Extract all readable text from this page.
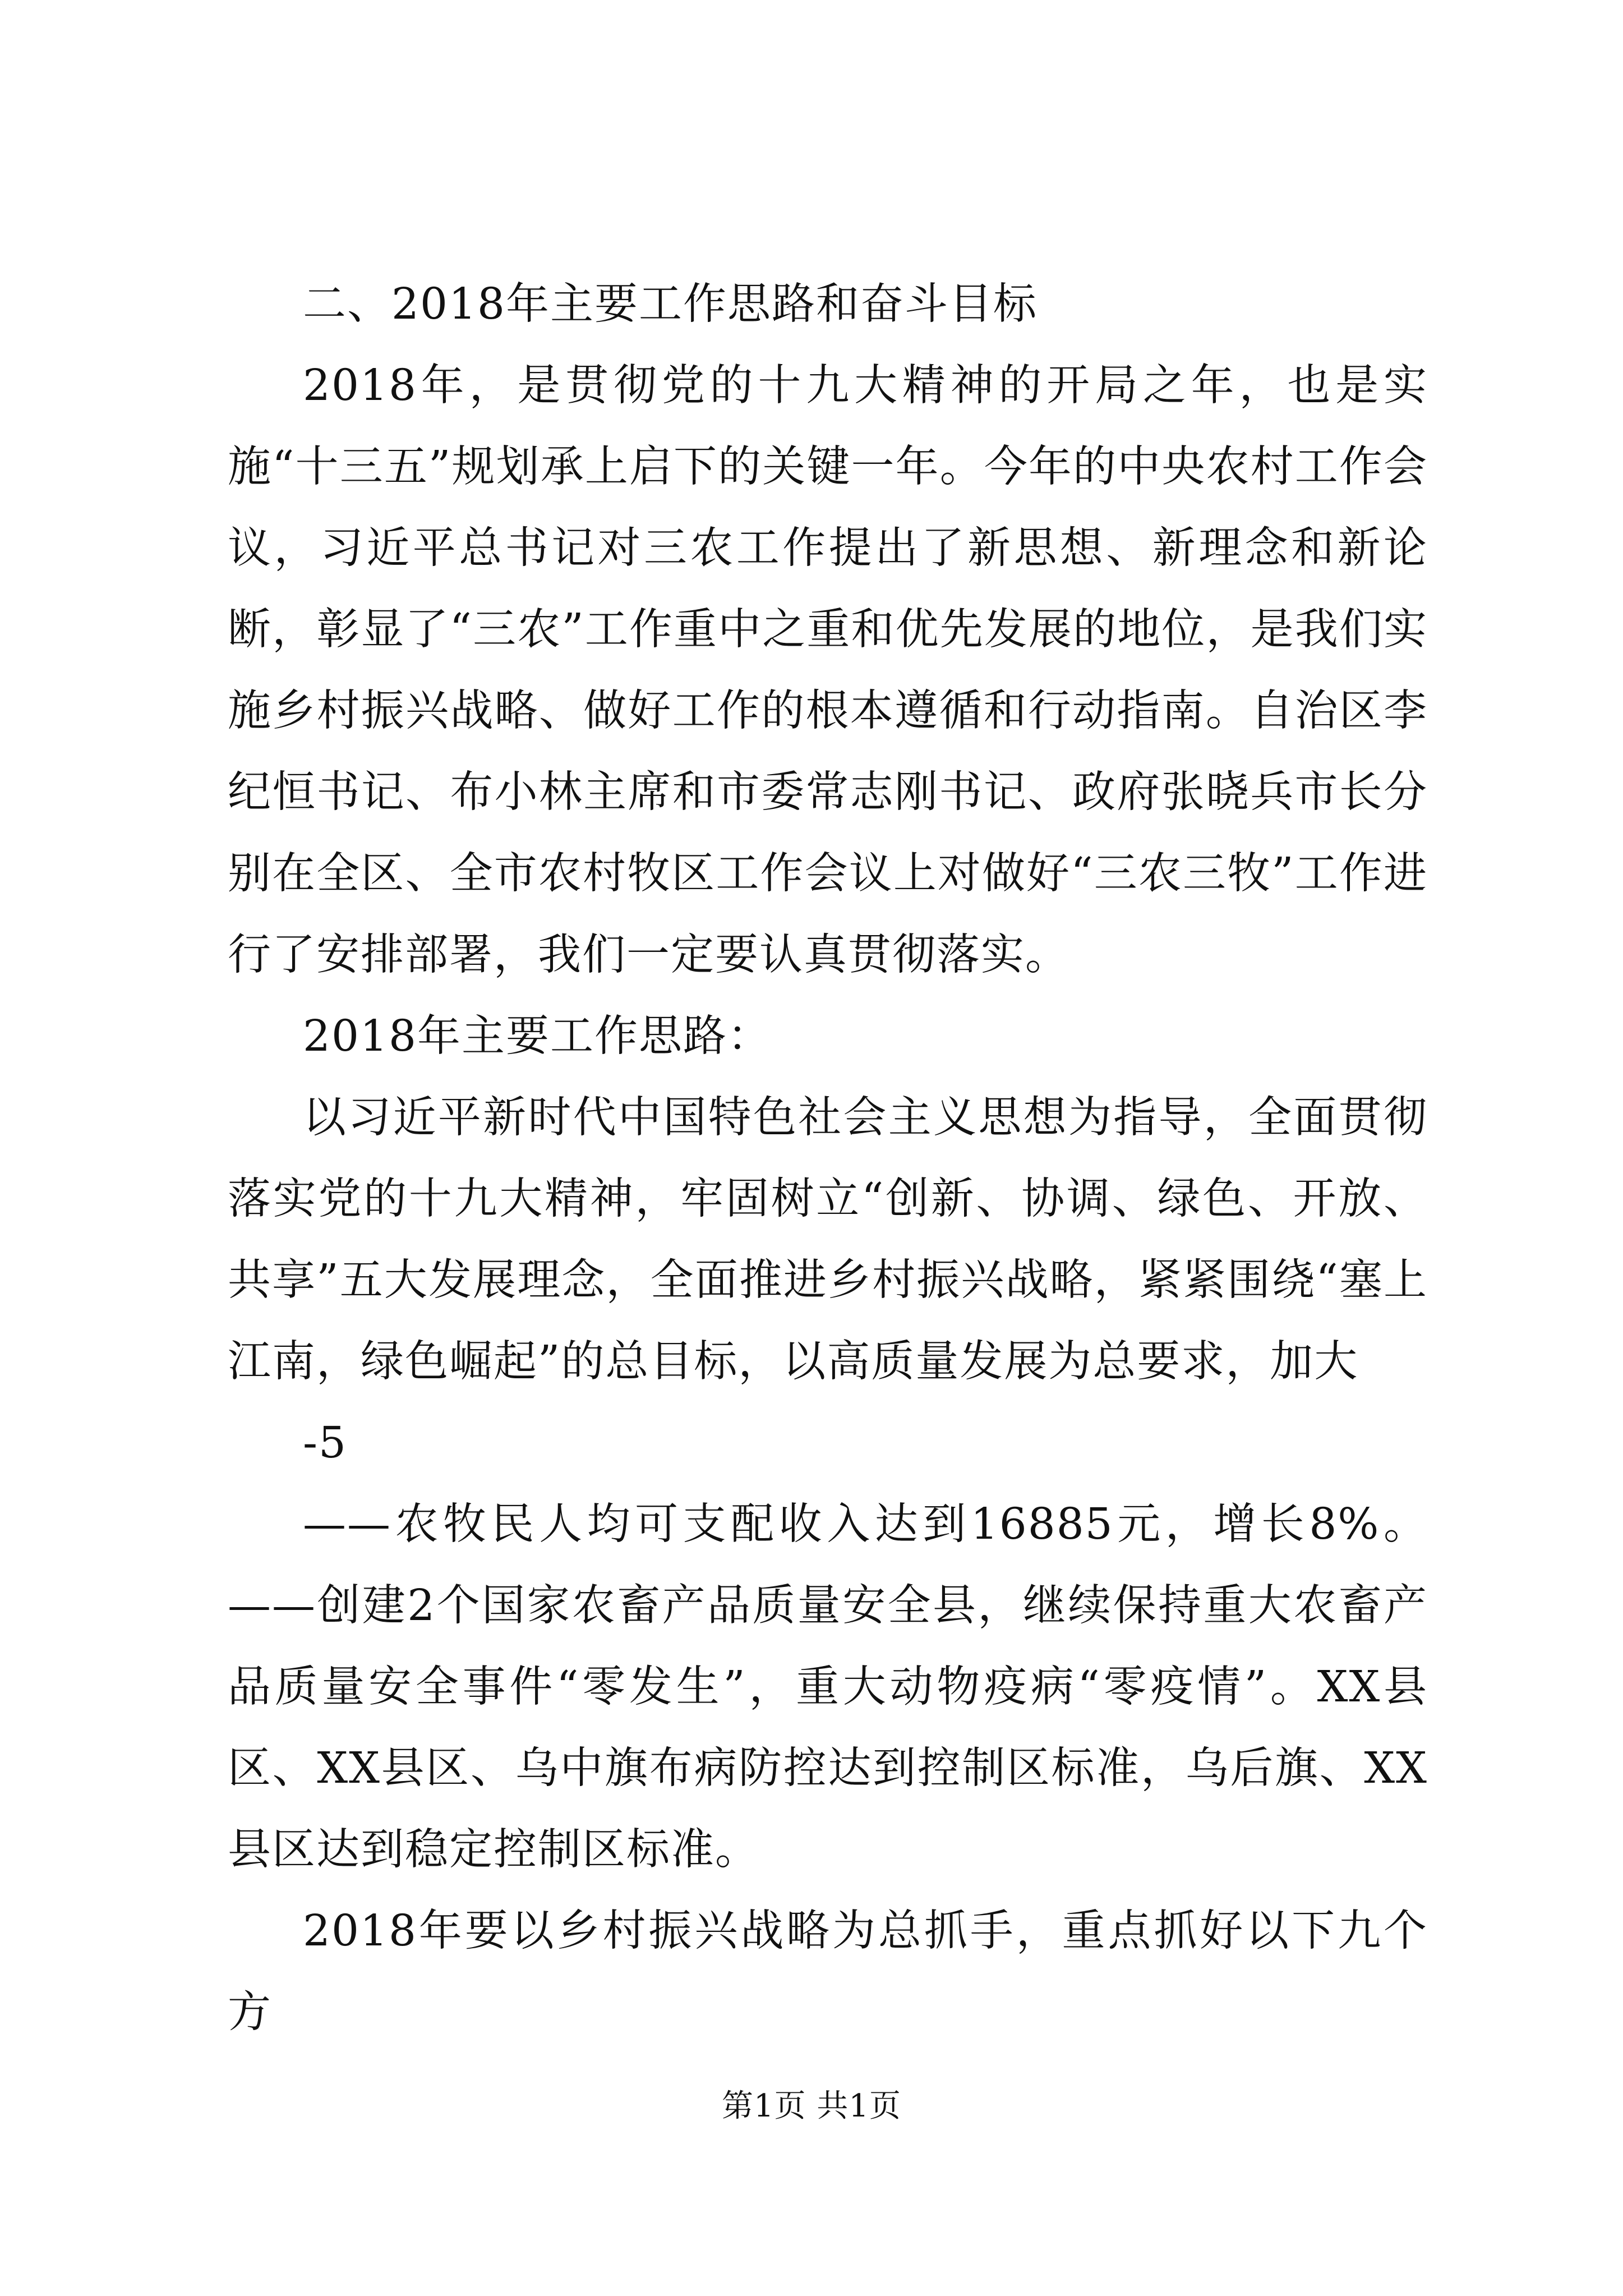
二、2018年主要工作思路和奋斗目标

2018年，是贯彻党的十九大精神的开局之年，也是实施“十三五”规划承上启下的关键一年。今年的中央农村工作会议，习近平总书记对三农工作提出了新思想、新理念和新论断，彰显了“三农”工作重中之重和优先发展的地位，是我们实施乡村振兴战略、做好工作的根本遵循和行动指南。自治区李纪恒书记、布小林主席和市委常志刚书记、政府张晓兵市长分别在全区、全市农村牧区工作会议上对做好“三农三牧”工作进行了安排部署，我们一定要认真贯彻落实。

2018年主要工作思路：

以习近平新时代中国特色社会主义思想为指导，全面贯彻落实党的十九大精神，牢固树立“创新、协调、绿色、开放、共享”五大发展理念，全面推进乡村振兴战略，紧紧围绕“塞上江南，绿色崛起”的总目标，以高质量发展为总要求，加大

-5

——农牧民人均可支配收入达到16885元，增长8%。——创建2个国家农畜产品质量安全县，继续保持重大农畜产品质量安全事件“零发生”，重大动物疫病“零疫情”。XX县区、XX县区、乌中旗布病防控达到控制区标准，乌后旗、XX县区达到稳定控制区标准。

2018年要以乡村振兴战略为总抓手，重点抓好以下九个方

第1页 共1页
